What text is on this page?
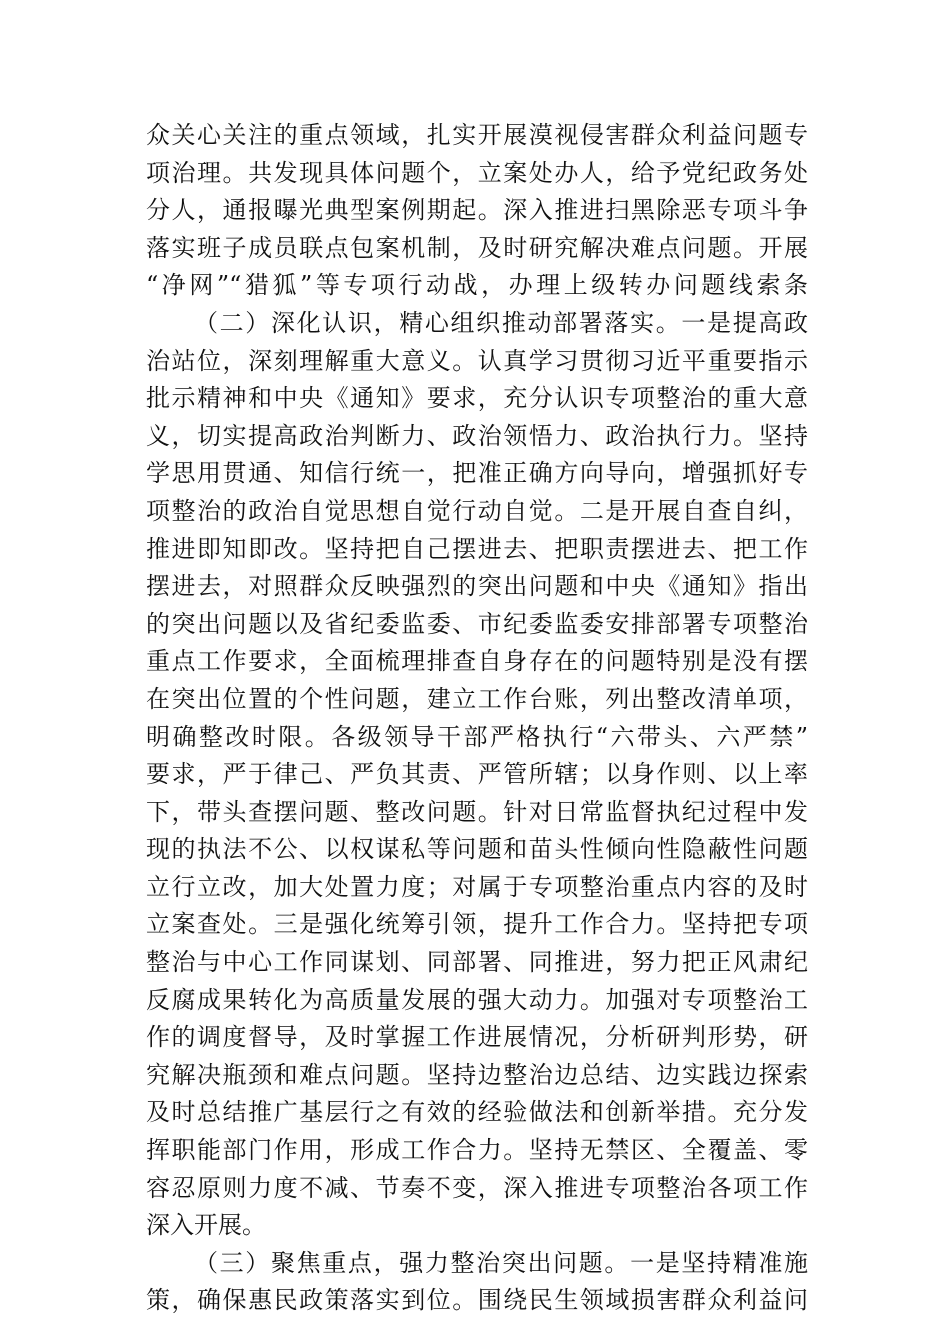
众关心关注的重点领域，扎实开展漠视侵害群众利益问题专
项治理。共发现具体问题个，立案处办人，给予党纪政务处
分人，通报曝光典型案例期起。深入推进扫黑除恶专项斗争
落实班子成员联点包案机制，及时研究解决难点问题。开展
“净网”“猎狐”等专项行动战，办理上级转办问题线索条
（二）深化认识，精心组织推动部署落实。一是提高政
治站位，深刻理解重大意义。认真学习贯彻习近平重要指示
批示精神和中央《通知》要求，充分认识专项整治的重大意
义，切实提高政治判断力、政治领悟力、政治执行力。坚持
学思用贯通、知信行统一，把准正确方向导向，增强抓好专
项整治的政治自觉思想自觉行动自觉。二是开展自查自纠，
推进即知即改。坚持把自己摆进去、把职责摆进去、把工作
摆进去，对照群众反映强烈的突出问题和中央《通知》指出
的突出问题以及省纪委监委、市纪委监委安排部署专项整治
重点工作要求，全面梳理排查自身存在的问题特别是没有摆
在突出位置的个性问题，建立工作台账，列出整改清单项，
明确整改时限。各级领导干部严格执行“六带头、六严禁”
要求，严于律己、严负其责、严管所辖；以身作则、以上率
下，带头查摆问题、整改问题。针对日常监督执纪过程中发
现的执法不公、以权谋私等问题和苗头性倾向性隐蔽性问题
立行立改，加大处置力度；对属于专项整治重点内容的及时
立案查处。三是强化统筹引领，提升工作合力。坚持把专项
整治与中心工作同谋划、同部署、同推进，努力把正风肃纪
反腐成果转化为高质量发展的强大动力。加强对专项整治工
作的调度督导，及时掌握工作进展情况，分析研判形势，研
究解决瓶颈和难点问题。坚持边整治边总结、边实践边探索
及时总结推广基层行之有效的经验做法和创新举措。充分发
挥职能部门作用，形成工作合力。坚持无禁区、全覆盖、零
容忍原则力度不减、节奏不变，深入推进专项整治各项工作
深入开展。
（三）聚焦重点，强力整治突出问题。一是坚持精准施
策，确保惠民政策落实到位。围绕民生领域损害群众利益问
